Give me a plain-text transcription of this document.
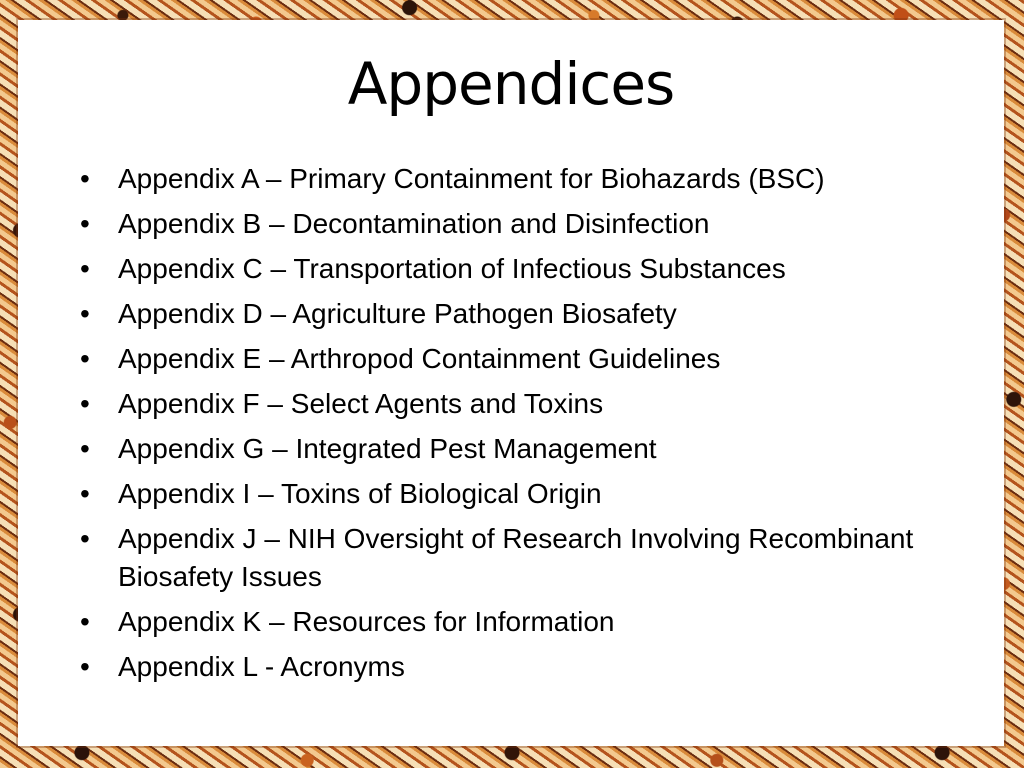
Appendices
• Appendix A – Primary Containment for Biohazards (BSC)
• Appendix B – Decontamination and Disinfection
• Appendix C – Transportation of Infectious Substances
• Appendix D – Agriculture Pathogen Biosafety
• Appendix E – Arthropod Containment Guidelines
• Appendix F – Select Agents and Toxins
• Appendix G – Integrated Pest Management
• Appendix I – Toxins of Biological Origin
• Appendix J – NIH Oversight of Research Involving Recombinant Biosafety Issues
• Appendix K – Resources for Information
• Appendix L - Acronyms
